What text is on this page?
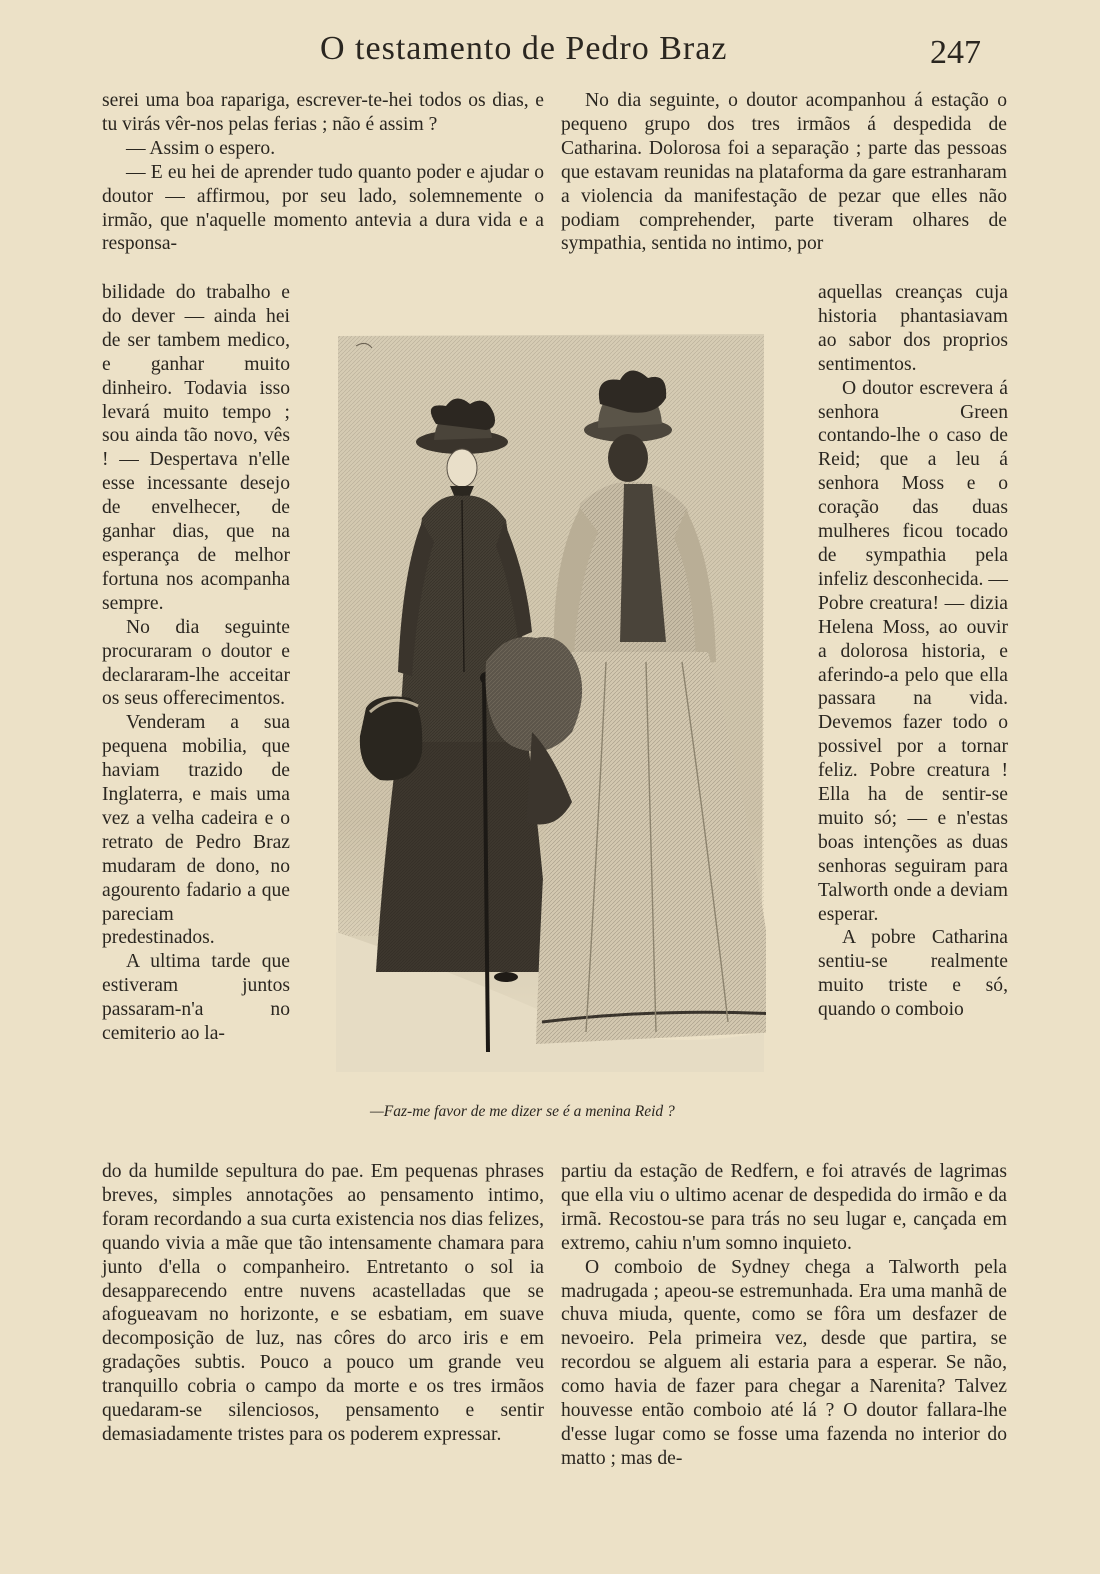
O testamento de Pedro Braz	247

serei uma boa rapariga, escrever-te-hei todos os dias, e tu virás vêr-nos pelas ferias ; não é assim ?

— Assim o espero.

— E eu hei de aprender tudo quanto poder e ajudar o doutor — affirmou, por seu lado, solemnemente o irmão, que n'aquelle momento antevia a dura vida e a responsa-

bilidade do trabalho e do dever — ainda hei de ser tambem medico, e ganhar muito dinheiro. Todavia isso levará muito tempo ; sou ainda tão novo, vês ! — Despertava n'elle esse incessante desejo de envelhecer, de ganhar dias, que na esperança de melhor fortuna nos acompanha sempre.

No dia seguinte procuraram o doutor e declararam-lhe acceitar os seus offerecimentos.

Venderam a sua pequena mobilia, que haviam trazido de Inglaterra, e mais uma vez a velha cadeira e o retrato de Pedro Braz mudaram de dono, no agourento fadario a que pareciam predestinados.

A ultima tarde que estiveram juntos passaram-n'a no cemiterio ao la-

do da humilde sepultura do pae. Em pequenas phrases breves, simples annotações ao pensamento intimo, foram recordando a sua curta existencia nos dias felizes, quando vivia a mãe que tão intensamente chamara para junto d'ella o companheiro. Entretanto o sol ia desapparecendo entre nuvens acastelladas que se afogueavam no horizonte, e se esbatiam, em suave decomposição de luz, nas côres do arco iris e em gradações subtis. Pouco a pouco um grande veu tranquillo cobria o campo da morte e os tres irmãos quedaram-se silenciosos, pensamento e sentir demasiadamente tristes para os poderem expressar.

No dia seguinte, o doutor acompanhou á estação o pequeno grupo dos tres irmãos á despedida de Catharina. Dolorosa foi a separação ; parte das pessoas que estavam reunidas na plataforma da gare estranharam a violencia da manifestação de pezar que elles não podiam comprehender, parte tiveram olhares de sympathia, sentida no intimo, por

aquellas creanças cuja historia phantasiavam ao sabor dos proprios sentimentos.

O doutor escrevera á senhora Green contando-lhe o caso de Reid; que a leu á senhora Moss e o coração das duas mulheres ficou tocado de sympathia pela infeliz desconhecida. — Pobre creatura! — dizia Helena Moss, ao ouvir a dolorosa historia, e aferindo-a pelo que ella passara na vida. Devemos fazer todo o possivel por a tornar feliz. Pobre creatura ! Ella ha de sentir-se muito só; — e n'estas boas intenções as duas senhoras seguiram para Talworth onde a deviam esperar.

A pobre Catharina sentiu-se realmente muito triste e só, quando o comboio

partiu da estação de Redfern, e foi através de lagrimas que ella viu o ultimo acenar de despedida do irmão e da irmã. Recostou-se para trás no seu lugar e, cançada em extremo, cahiu n'um somno inquieto.

O comboio de Sydney chega a Talworth pela madrugada ; apeou-se estremunhada. Era uma manhã de chuva miuda, quente, como se fôra um desfazer de nevoeiro. Pela primeira vez, desde que partira, se recordou se alguem ali estaria para a esperar. Se não, como havia de fazer para chegar a Narenita? Talvez houvesse então comboio até lá ? O doutor fallara-lhe d'esse lugar como se fosse uma fazenda no interior do matto ; mas de-

—Faz-me favor de me dizer se é a menina Reid ?
